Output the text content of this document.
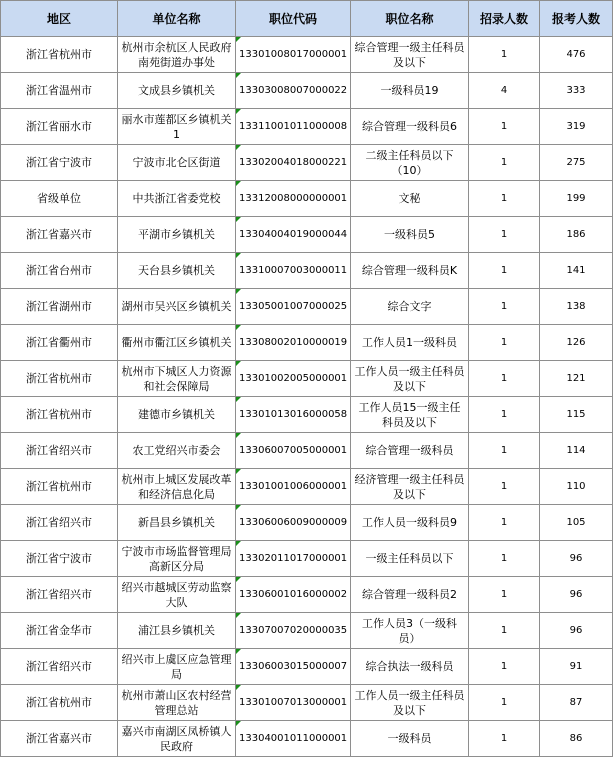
地区	单位名称	职位代码	职位名称	招录人数	报考人数
浙江省杭州市	杭州市余杭区人民政府南苑街道办事处	13301008017000001	综合管理一级主任科员及以下	1	476
浙江省温州市	文成县乡镇机关	13303008007000022	一级科员19	4	333
浙江省丽水市	丽水市莲都区乡镇机关1	13311001011000008	综合管理一级科员6	1	319
浙江省宁波市	宁波市北仑区街道	13302004018000221	二级主任科员以下（10）	1	275
省级单位	中共浙江省委党校	13312008000000001	文秘	1	199
浙江省嘉兴市	平湖市乡镇机关	13304004019000044	一级科员5	1	186
浙江省台州市	天台县乡镇机关	13310007003000011	综合管理一级科员K	1	141
浙江省湖州市	湖州市吴兴区乡镇机关	13305001007000025	综合文字	1	138
浙江省衢州市	衢州市衢江区乡镇机关	13308002010000019	工作人员1一级科员	1	126
浙江省杭州市	杭州市下城区人力资源和社会保障局	13301002005000001	工作人员一级主任科员及以下	1	121
浙江省杭州市	建德市乡镇机关	13301013016000058	工作人员15一级主任科员及以下	1	115
浙江省绍兴市	农工党绍兴市委会	13306007005000001	综合管理一级科员	1	114
浙江省杭州市	杭州市上城区发展改革和经济信息化局	13301001006000001	经济管理一级主任科员及以下	1	110
浙江省绍兴市	新昌县乡镇机关	13306006009000009	工作人员一级科员9	1	105
浙江省宁波市	宁波市市场监督管理局高新区分局	13302011017000001	一级主任科员以下	1	96
浙江省绍兴市	绍兴市越城区劳动监察大队	13306001016000002	综合管理一级科员2	1	96
浙江省金华市	浦江县乡镇机关	13307007020000035	工作人员3（一级科员）	1	96
浙江省绍兴市	绍兴市上虞区应急管理局	13306003015000007	综合执法一级科员	1	91
浙江省杭州市	杭州市萧山区农村经营管理总站	13301007013000001	工作人员一级主任科员及以下	1	87
浙江省嘉兴市	嘉兴市南湖区凤桥镇人民政府	13304001011000001	一级科员	1	86
